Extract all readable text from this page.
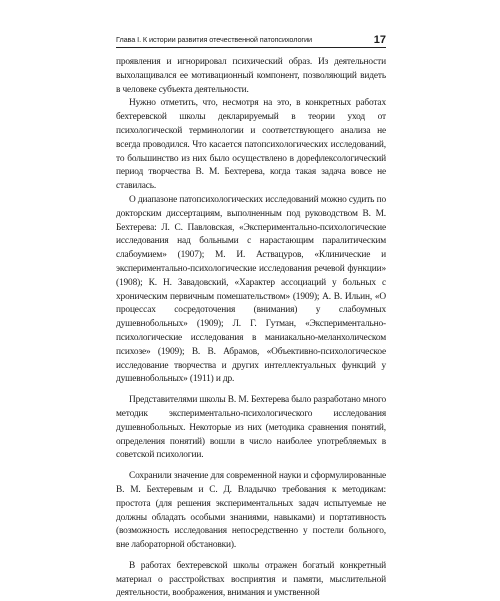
Глава I. К истории развития отечественной патопсихологии	17

проявления и игнорировал психический образ. Из деятельности выхолащивался ее мотивационный компонент, позволяющий видеть в человеке субъекта деятельности.

Нужно отметить, что, несмотря на это, в конкретных работах бехтеревской школы декларируемый в теории уход от психологической терминологии и соответствующего анализа не всегда проводился. Что касается патопсихологических исследований, то большинство из них было осуществлено в дорефлексологический период творчества В. М. Бехтерева, когда такая задача вовсе не ставилась.

О диапазоне патопсихологических исследований можно судить по докторским диссертациям, выполненным под руководством В. М. Бехтерева: Л. С. Павловская, «Экспериментально-психологические исследования над больными с нарастающим паралитическим слабоумием» (1907); М. И. Аствацуров, «Клинические и экспериментально-психологические исследования речевой функции» (1908); К. Н. Завадовский, «Характер ассоциаций у больных с хроническим первичным помешательством» (1909); А. В. Ильин, «О процессах сосредоточения (внимания) у слабоумных душевнобольных» (1909); Л. Г. Гутман, «Экспериментально-психологические исследования в маниакально-меланхолическом психозе» (1909); В. В. Абрамов, «Объективно-психологическое исследование творчества и других интеллектуальных функций у душевнобольных» (1911) и др.

Представителями школы В. М. Бехтерева было разработано много методик экспериментально-психологического исследования душевнобольных. Некоторые из них (методика сравнения понятий, определения понятий) вошли в число наиболее употребляемых в советской психологии.

Сохранили значение для современной науки и сформулированные В. М. Бехтеревым и С. Д. Владычко требования к методикам: простота (для решения экспериментальных задач испытуемые не должны обладать особыми знаниями, навыками) и портативность (возможность исследования непосредственно у постели больного, вне лабораторной обстановки).

В работах бехтеревской школы отражен богатый конкретный материал о расстройствах восприятия и памяти, мыслительной деятельности, воображения, внимания и умственной
